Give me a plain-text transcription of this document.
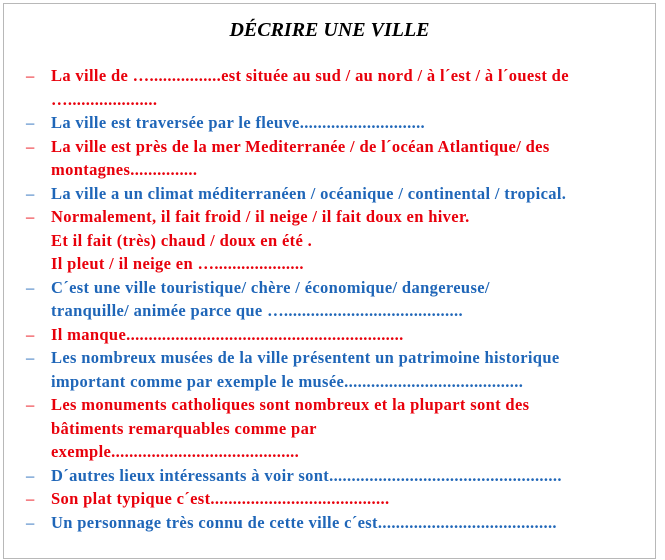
DÉCRIRE UNE VILLE
– La ville de …................est située au sud / au nord / à l´est / à l´ouest de
…....................
– La ville est traversée par le fleuve............................
– La ville est près de la mer Mediterranée / de l´océan Atlantique/ des
montagnes...............
– La ville a un climat méditerranéen / océanique / continental / tropical.
– Normalement, il fait froid / il neige / il fait doux en hiver.
Et il fait (très) chaud / doux en été .
Il pleut / il neige en …....................
– C´est une ville touristique/ chère / économique/ dangereuse/
tranquille/ animée parce que …........................................
– Il manque..............................................................
– Les nombreux musées de la ville présentent un patrimoine historique
important comme par exemple le musée........................................
– Les monuments catholiques sont nombreux et la plupart sont des
bâtiments remarquables comme par
exemple..........................................
– D´autres lieux intéressants à voir sont....................................................
– Son plat typique c´est........................................
– Un personnage très connu de cette ville c´est........................................
